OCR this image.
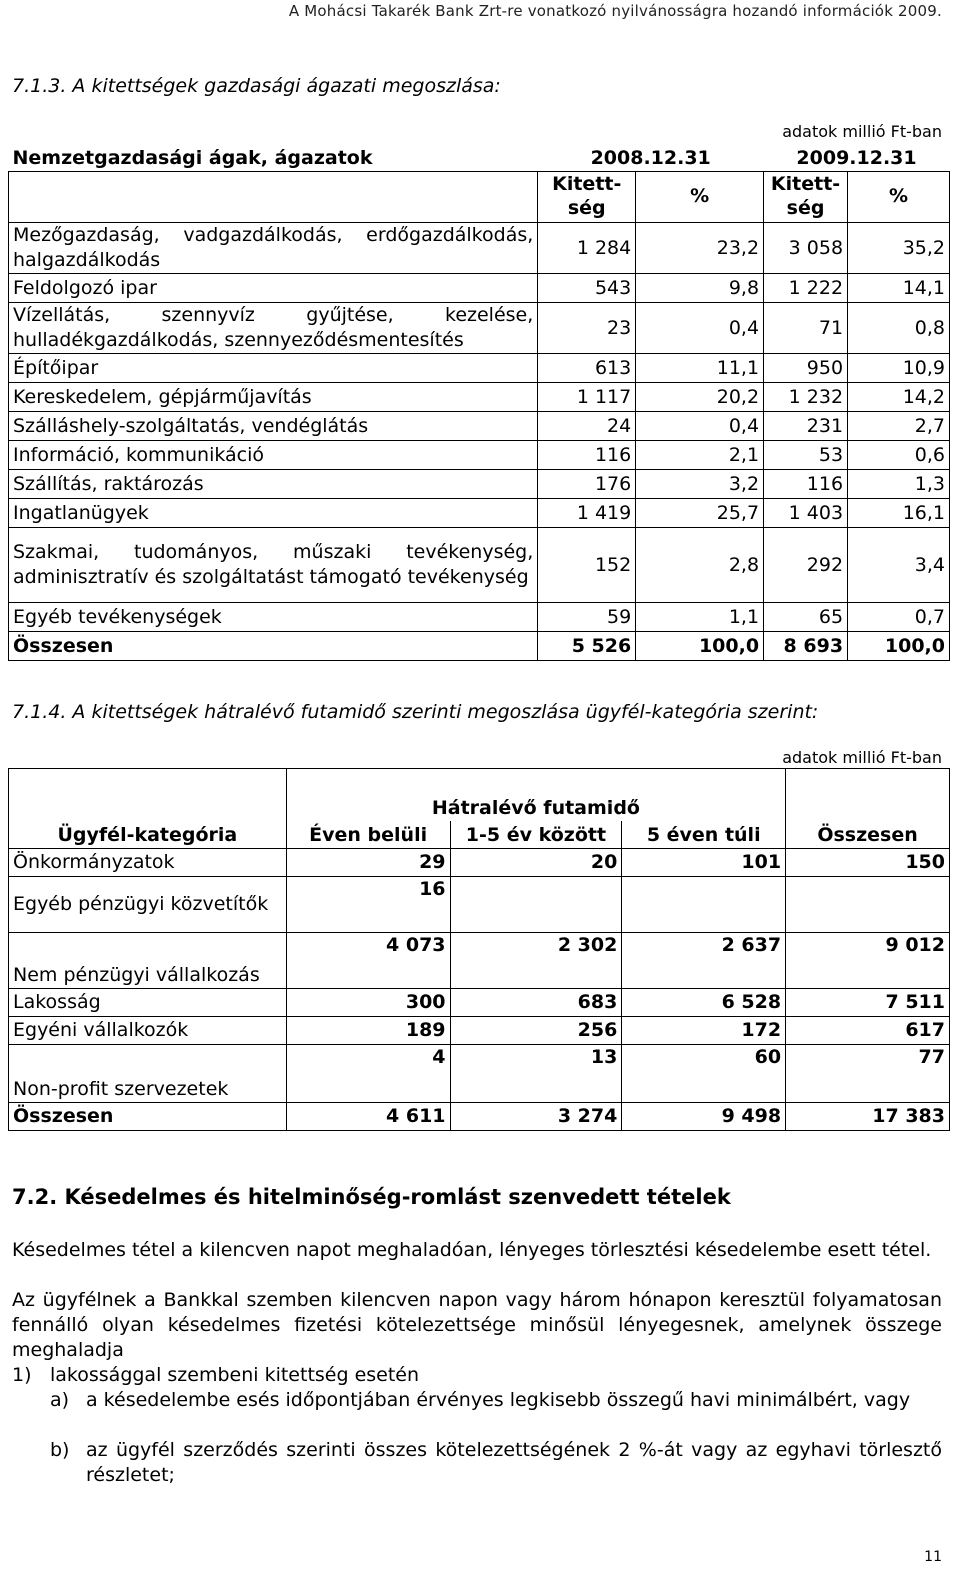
A Mohácsi Takarék Bank Zrt-re vonatkozó nyilvánosságra hozandó információk 2009.
7.1.3. A kitettségek gazdasági ágazati megoszlása:
adatok millió Ft-ban
Nemzetgazdasági ágak, ágazatok	2008.12.31		2009.12.31	
	Kitett-ség	%	Kitett-ség	%
Mezőgazdaság, vadgazdálkodás, erdőgazdálkodás, halgazdálkodás	1 284	23,2	3 058	35,2
Feldolgozó ipar	543	9,8	1 222	14,1
Vízellátás, szennyvíz gyűjtése, kezelése, hulladékgazdálkodás, szennyeződésmentesítés	23	0,4	71	0,8
Építőipar	613	11,1	950	10,9
Kereskedelem, gépjárműjavítás	1 117	20,2	1 232	14,2
Szálláshely-szolgáltatás, vendéglátás	24	0,4	231	2,7
Információ, kommunikáció	116	2,1	53	0,6
Szállítás, raktározás	176	3,2	116	1,3
Ingatlanügyek	1 419	25,7	1 403	16,1
Szakmai, tudományos, műszaki tevékenység, adminisztratív és szolgáltatást támogató tevékenység	152	2,8	292	3,4
Egyéb tevékenységek	59	1,1	65	0,7
Összesen	5 526	100,0	8 693	100,0
7.1.4. A kitettségek hátralévő futamidő szerinti megoszlása ügyfél-kategória szerint:
adatok millió Ft-ban
	Hátralévő futamidő			
Ügyfél-kategória	Éven belüli	1-5 év között	5 éven túli	Összesen
Önkormányzatok	29	20	101	150
Egyéb pénzügyi közvetítők	16			
Nem pénzügyi vállalkozás	4 073	2 302	2 637	9 012
Lakosság	300	683	6 528	7 511
Egyéni vállalkozók	189	256	172	617
Non-profit szervezetek	4	13	60	77
Összesen	4 611	3 274	9 498	17 383
7.2. Késedelmes és hitelminőség-romlást szenvedett tételek
Késedelmes tétel a kilencven napot meghaladóan, lényeges törlesztési késedelembe esett tétel.
Az ügyfélnek a Bankkal szemben kilencven napon vagy három hónapon keresztül folyamatosan fennálló olyan késedelmes fizetési kötelezettsége minősül lényegesnek, amelynek összege meghaladja
1) lakossággal szembeni kitettség esetén
a) a késedelembe esés időpontjában érvényes legkisebb összegű havi minimálbért, vagy
b) az ügyfél szerződés szerinti összes kötelezettségének 2 %-át vagy az egyhavi törlesztő részletet;
11
